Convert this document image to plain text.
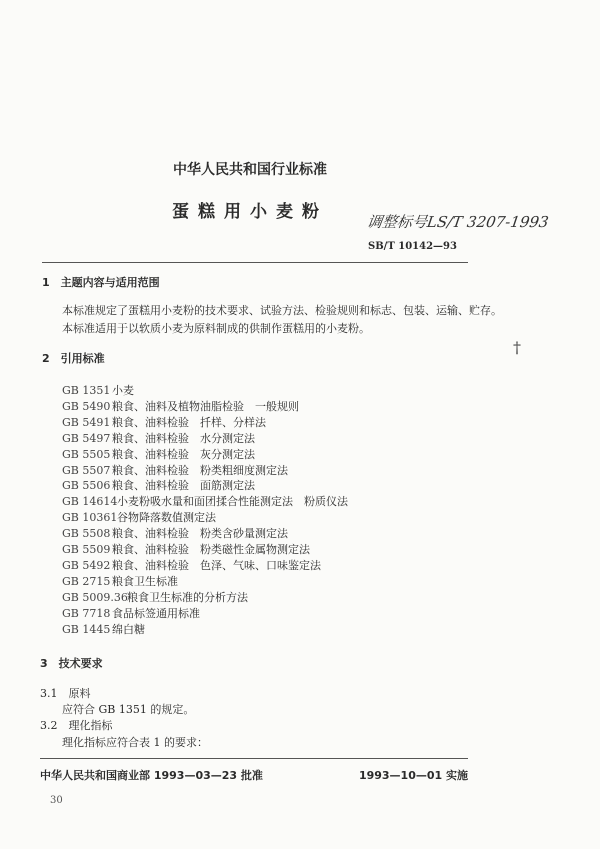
中华人民共和国行业标准
蛋糕用小麦粉	调整标号LS/T 3207-1993
SB/T 10142—93
1　主题内容与适用范围
本标准规定了蛋糕用小麦粉的技术要求、试验方法、检验规则和标志、包装、运输、贮存。
本标准适用于以软质小麦为原料制成的供制作蛋糕用的小麦粉。
2　引用标准
†
GB 1351 小麦
GB 5490 粮食、油料及植物油脂检验　一般规则
GB 5491 粮食、油料检验　扦样、分样法
GB 5497 粮食、油料检验　水分测定法
GB 5505 粮食、油料检验　灰分测定法
GB 5507 粮食、油料检验　粉类粗细度测定法
GB 5506 粮食、油料检验　面筋测定法
GB 14614小麦粉吸水量和面团揉合性能测定法　粉质仪法
GB 10361谷物降落数值测定法
GB 5508 粮食、油料检验　粉类含砂量测定法
GB 5509 粮食、油料检验　粉类磁性金属物测定法
GB 5492 粮食、油料检验　色泽、气味、口味鉴定法
GB 2715 粮食卫生标准
GB 5009.36粮食卫生标准的分析方法
GB 7718 食品标签通用标准
GB 1445 绵白糖
3　技术要求
3.1　原料
应符合 GB 1351 的规定。
3.2　理化指标
理化指标应符合表 1 的要求：
中华人民共和国商业部 1993—03—23 批准	1993—10—01 实施
30
